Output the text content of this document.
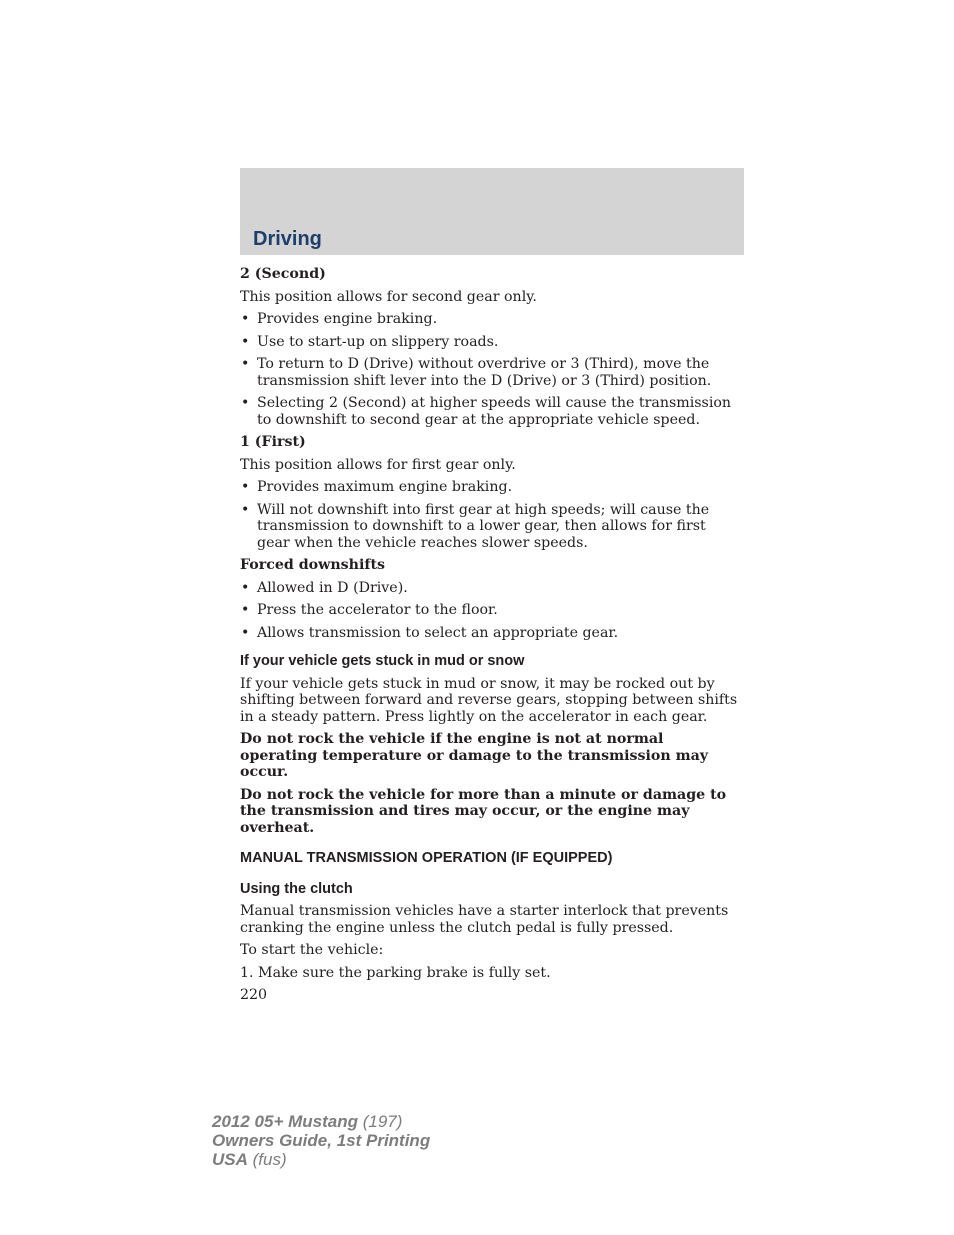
Driving

2 (Second)

This position allows for second gear only.

• Provides engine braking.
• Use to start-up on slippery roads.
• To return to D (Drive) without overdrive or 3 (Third), move the transmission shift lever into the D (Drive) or 3 (Third) position.
• Selecting 2 (Second) at higher speeds will cause the transmission to downshift to second gear at the appropriate vehicle speed.

1 (First)

This position allows for first gear only.

• Provides maximum engine braking.
• Will not downshift into first gear at high speeds; will cause the transmission to downshift to a lower gear, then allows for first gear when the vehicle reaches slower speeds.

Forced downshifts

• Allowed in D (Drive).
• Press the accelerator to the floor.
• Allows transmission to select an appropriate gear.
If your vehicle gets stuck in mud or snow

If your vehicle gets stuck in mud or snow, it may be rocked out by shifting between forward and reverse gears, stopping between shifts in a steady pattern. Press lightly on the accelerator in each gear.

Do not rock the vehicle if the engine is not at normal operating temperature or damage to the transmission may occur.

Do not rock the vehicle for more than a minute or damage to the transmission and tires may occur, or the engine may overheat.

MANUAL TRANSMISSION OPERATION (IF EQUIPPED)
Using the clutch

Manual transmission vehicles have a starter interlock that prevents cranking the engine unless the clutch pedal is fully pressed.

To start the vehicle:

1. Make sure the parking brake is fully set.

220

2012 05+ Mustang (197)
Owners Guide, 1st Printing
USA (fus)
